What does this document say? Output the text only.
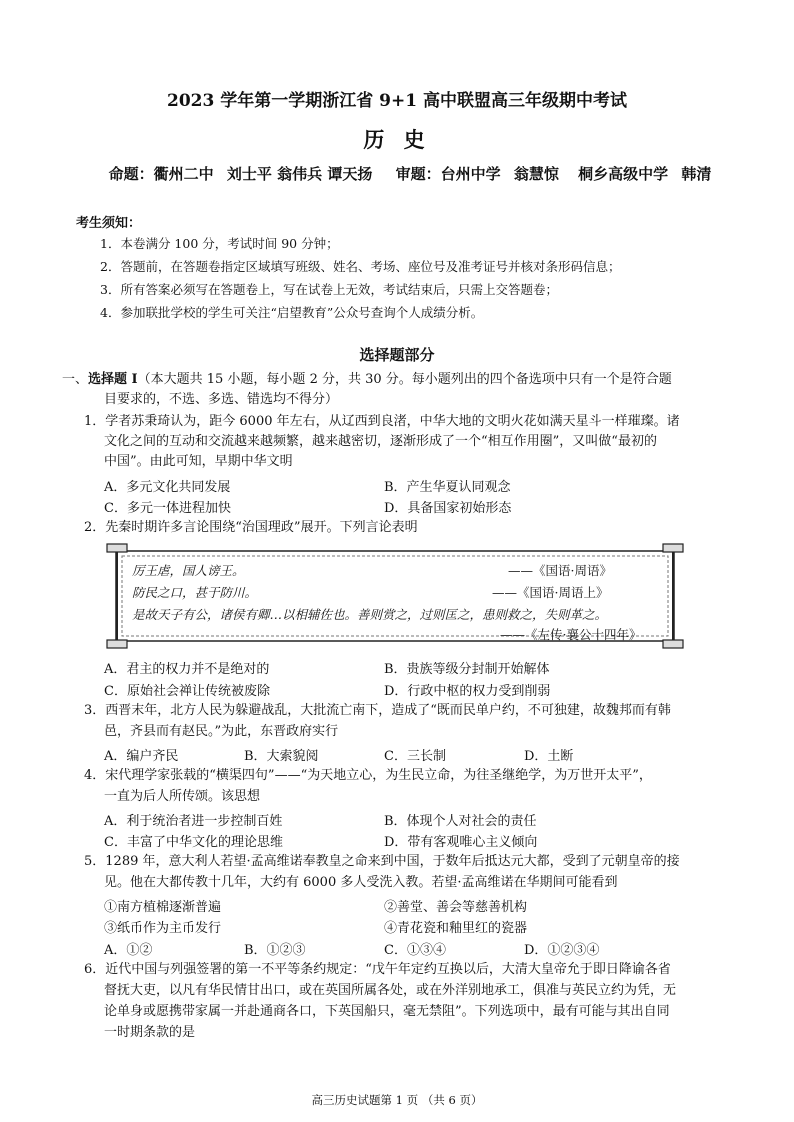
2023 学年第一学期浙江省 9+1 高中联盟高三年级期中考试
历 史
命题：衢州二中 刘士平 翁伟兵 谭天扬 审题：台州中学 翁慧惊 桐乡高级中学 韩清
考生须知：
1．本卷满分 100 分，考试时间 90 分钟；
2．答题前，在答题卷指定区域填写班级、姓名、考场、座位号及准考证号并核对条形码信息；
3．所有答案必须写在答题卷上，写在试卷上无效，考试结束后，只需上交答题卷；
4．参加联批学校的学生可关注“启望教育”公众号查询个人成绩分析。
选择题部分
一、选择题 I（本大题共 15 小题，每小题 2 分，共 30 分。每小题列出的四个备选项中只有一个是符合题
目要求的，不选、多选、错选均不得分）
1．学者苏秉琦认为，距今 6000 年左右，从辽西到良渚，中华大地的文明火花如满天星斗一样璀璨。诸
文化之间的互动和交流越来越频繁，越来越密切，逐渐形成了一个“相互作用圈”，又叫做“最初的
中国”。由此可知，早期中华文明
A．多元文化共同发展	B．产生华夏认同观念
C．多元一体进程加快	D．具备国家初始形态
2．先秦时期许多言论围绕“治国理政”展开。下列言论表明
厉王虐，国人谤王。	——《国语·周语》
防民之口，甚于防川。	——《国语·周语上》
是故天子有公，诸侯有卿…以相辅佐也。善则赏之，过则匡之，患则救之，失则革之。
——《左传·襄公十四年》
A．君主的权力并不是绝对的	B．贵族等级分封制开始解体
C．原始社会禅让传统被废除	D．行政中枢的权力受到削弱
3．西晋末年，北方人民为躲避战乱，大批流亡南下，造成了“既而民单户约，不可独建，故魏邦而有韩
邑，齐县而有赵民。”为此，东晋政府实行
A．编户齐民	B．大索貌阅	C．三长制	D．土断
4．宋代理学家张载的“横渠四句”——“为天地立心，为生民立命，为往圣继绝学，为万世开太平”，
一直为后人所传颂。该思想
A．利于统治者进一步控制百姓	B．体现个人对社会的责任
C．丰富了中华文化的理论思维	D．带有客观唯心主义倾向
5．1289 年，意大利人若望·孟高维诺奉教皇之命来到中国，于数年后抵达元大都，受到了元朝皇帝的接
见。他在大都传教十几年，大约有 6000 多人受洗入教。若望·孟高维诺在华期间可能看到
①南方植棉逐渐普遍	②善堂、善会等慈善机构
③纸币作为主币发行	④青花瓷和釉里红的瓷器
A．①②	B．①②③	C．①③④	D．①②③④
6．近代中国与列强签署的第一不平等条约规定：“戊午年定约互换以后，大清大皇帝允于即日降谕各省
督抚大吏，以凡有华民情甘出口，或在英国所属各处，或在外洋别地承工，俱准与英民立约为凭，无
论单身或愿携带家属一并赴通商各口，下英国船只，毫无禁阻”。下列选项中，最有可能与其出自同
一时期条款的是
高三历史试题第 1 页 （共 6 页）
